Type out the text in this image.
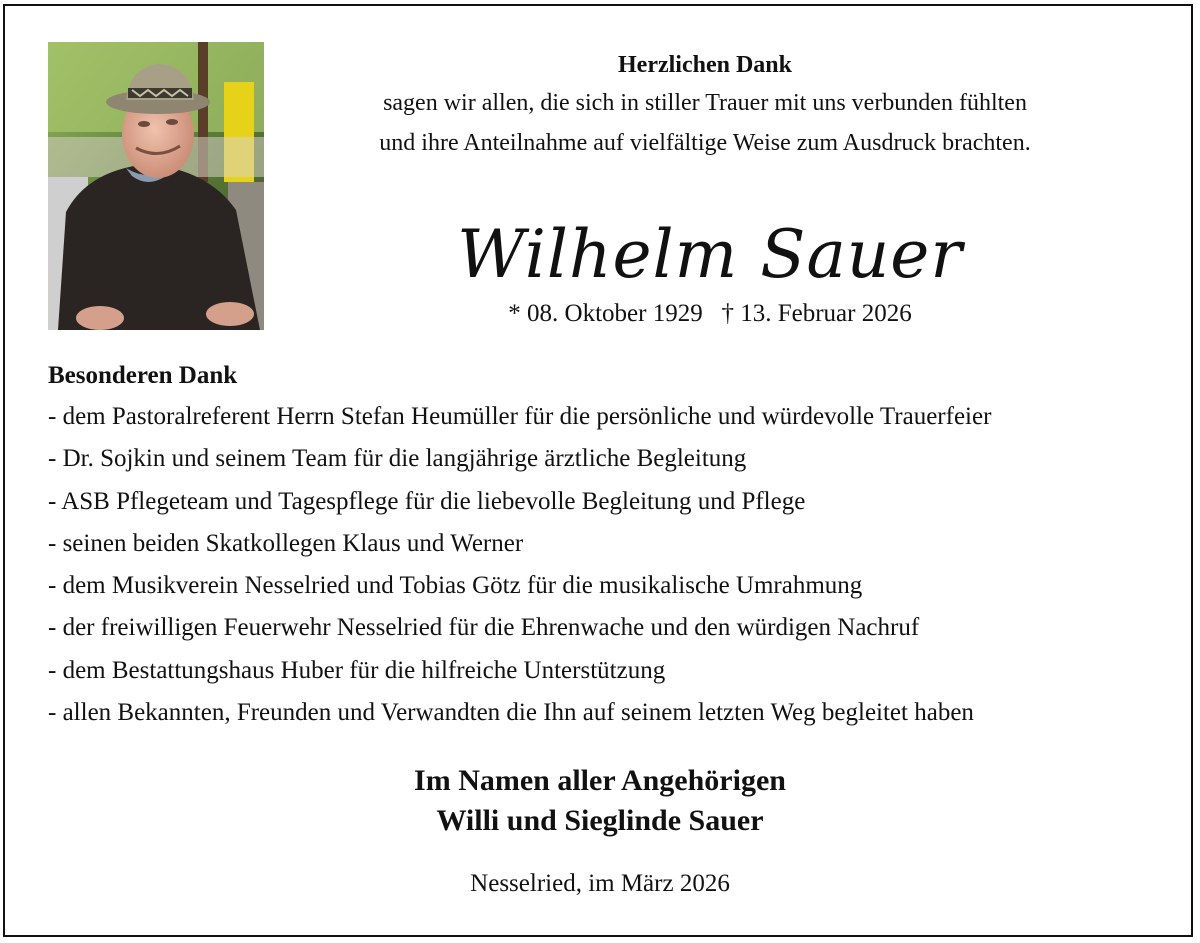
Herzlichen Dank
sagen wir allen, die sich in stiller Trauer mit uns verbunden fühlten
und ihre Anteilnahme auf vielfältige Weise zum Ausdruck brachten.
Wilhelm Sauer
* 08. Oktober 1929   † 13. Februar 2026
Besonderen Dank
- dem Pastoralreferent Herrn Stefan Heumüller für die persönliche und würdevolle Trauerfeier
- Dr. Sojkin und seinem Team für die langjährige ärztliche Begleitung
- ASB Pflegeteam und Tagespflege für die liebevolle Begleitung und Pflege
- seinen beiden Skatkollegen Klaus und Werner
- dem Musikverein Nesselried und Tobias Götz für die musikalische Umrahmung
- der freiwilligen Feuerwehr Nesselried für die Ehrenwache und den würdigen Nachruf
- dem Bestattungshaus Huber für die hilfreiche Unterstützung
- allen Bekannten, Freunden und Verwandten die Ihn auf seinem letzten Weg begleitet haben
Im Namen aller Angehörigen
Willi und Sieglinde Sauer
Nesselried, im März 2026
